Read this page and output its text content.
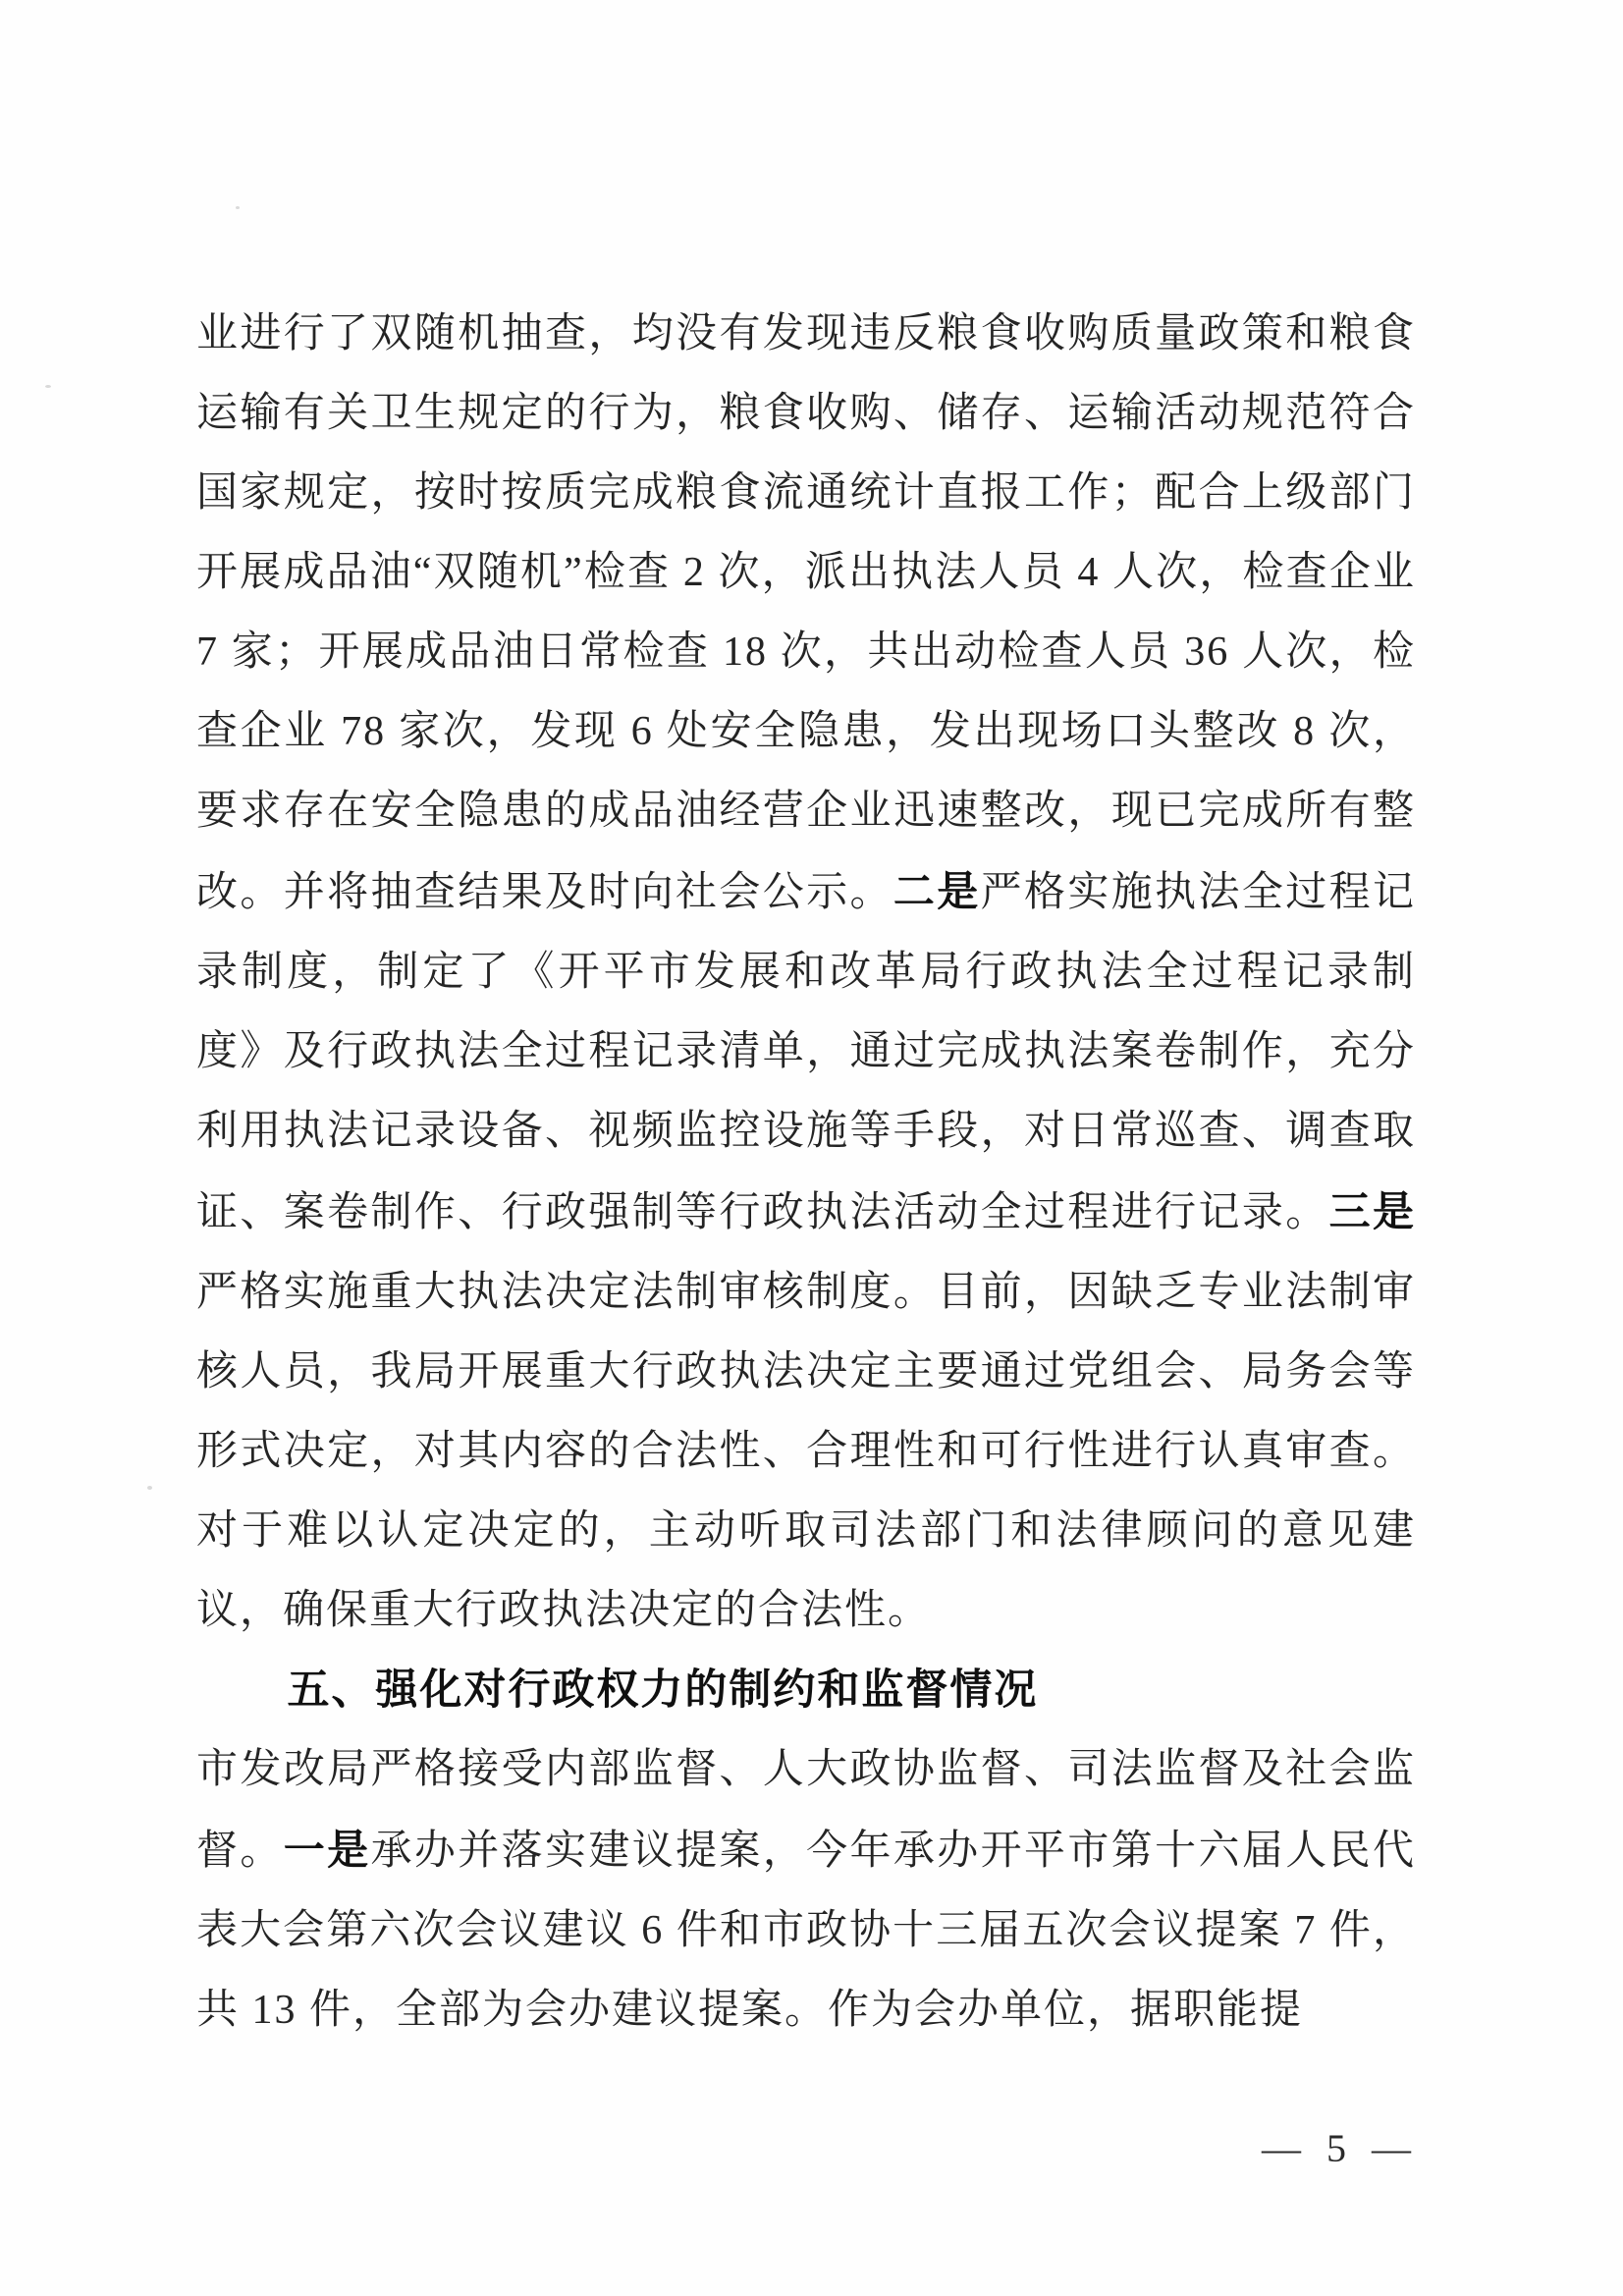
业进行了双随机抽查，均没有发现违反粮食收购质量政策和粮食运输有关卫生规定的行为，粮食收购、储存、运输活动规范符合国家规定，按时按质完成粮食流通统计直报工作；配合上级部门开展成品油“双随机”检查 2 次，派出执法人员 4 人次，检查企业 7 家；开展成品油日常检查 18 次，共出动检查人员 36 人次，检查企业 78 家次，发现 6 处安全隐患，发出现场口头整改 8 次，要求存在安全隐患的成品油经营企业迅速整改，现已完成所有整改。并将抽查结果及时向社会公示。二是严格实施执法全过程记录制度，制定了《开平市发展和改革局行政执法全过程记录制度》及行政执法全过程记录清单，通过完成执法案卷制作，充分利用执法记录设备、视频监控设施等手段，对日常巡查、调查取证、案卷制作、行政强制等行政执法活动全过程进行记录。三是严格实施重大执法决定法制审核制度。目前，因缺乏专业法制审核人员，我局开展重大行政执法决定主要通过党组会、局务会等形式决定，对其内容的合法性、合理性和可行性进行认真审查。对于难以认定决定的，主动听取司法部门和法律顾问的意见建议，确保重大行政执法决定的合法性。

五、强化对行政权力的制约和监督情况

市发改局严格接受内部监督、人大政协监督、司法监督及社会监督。一是承办并落实建议提案，今年承办开平市第十六届人民代表大会第六次会议建议 6 件和市政协十三届五次会议提案 7 件，共 13 件，全部为会办建议提案。作为会办单位，据职能提

— 5 —
